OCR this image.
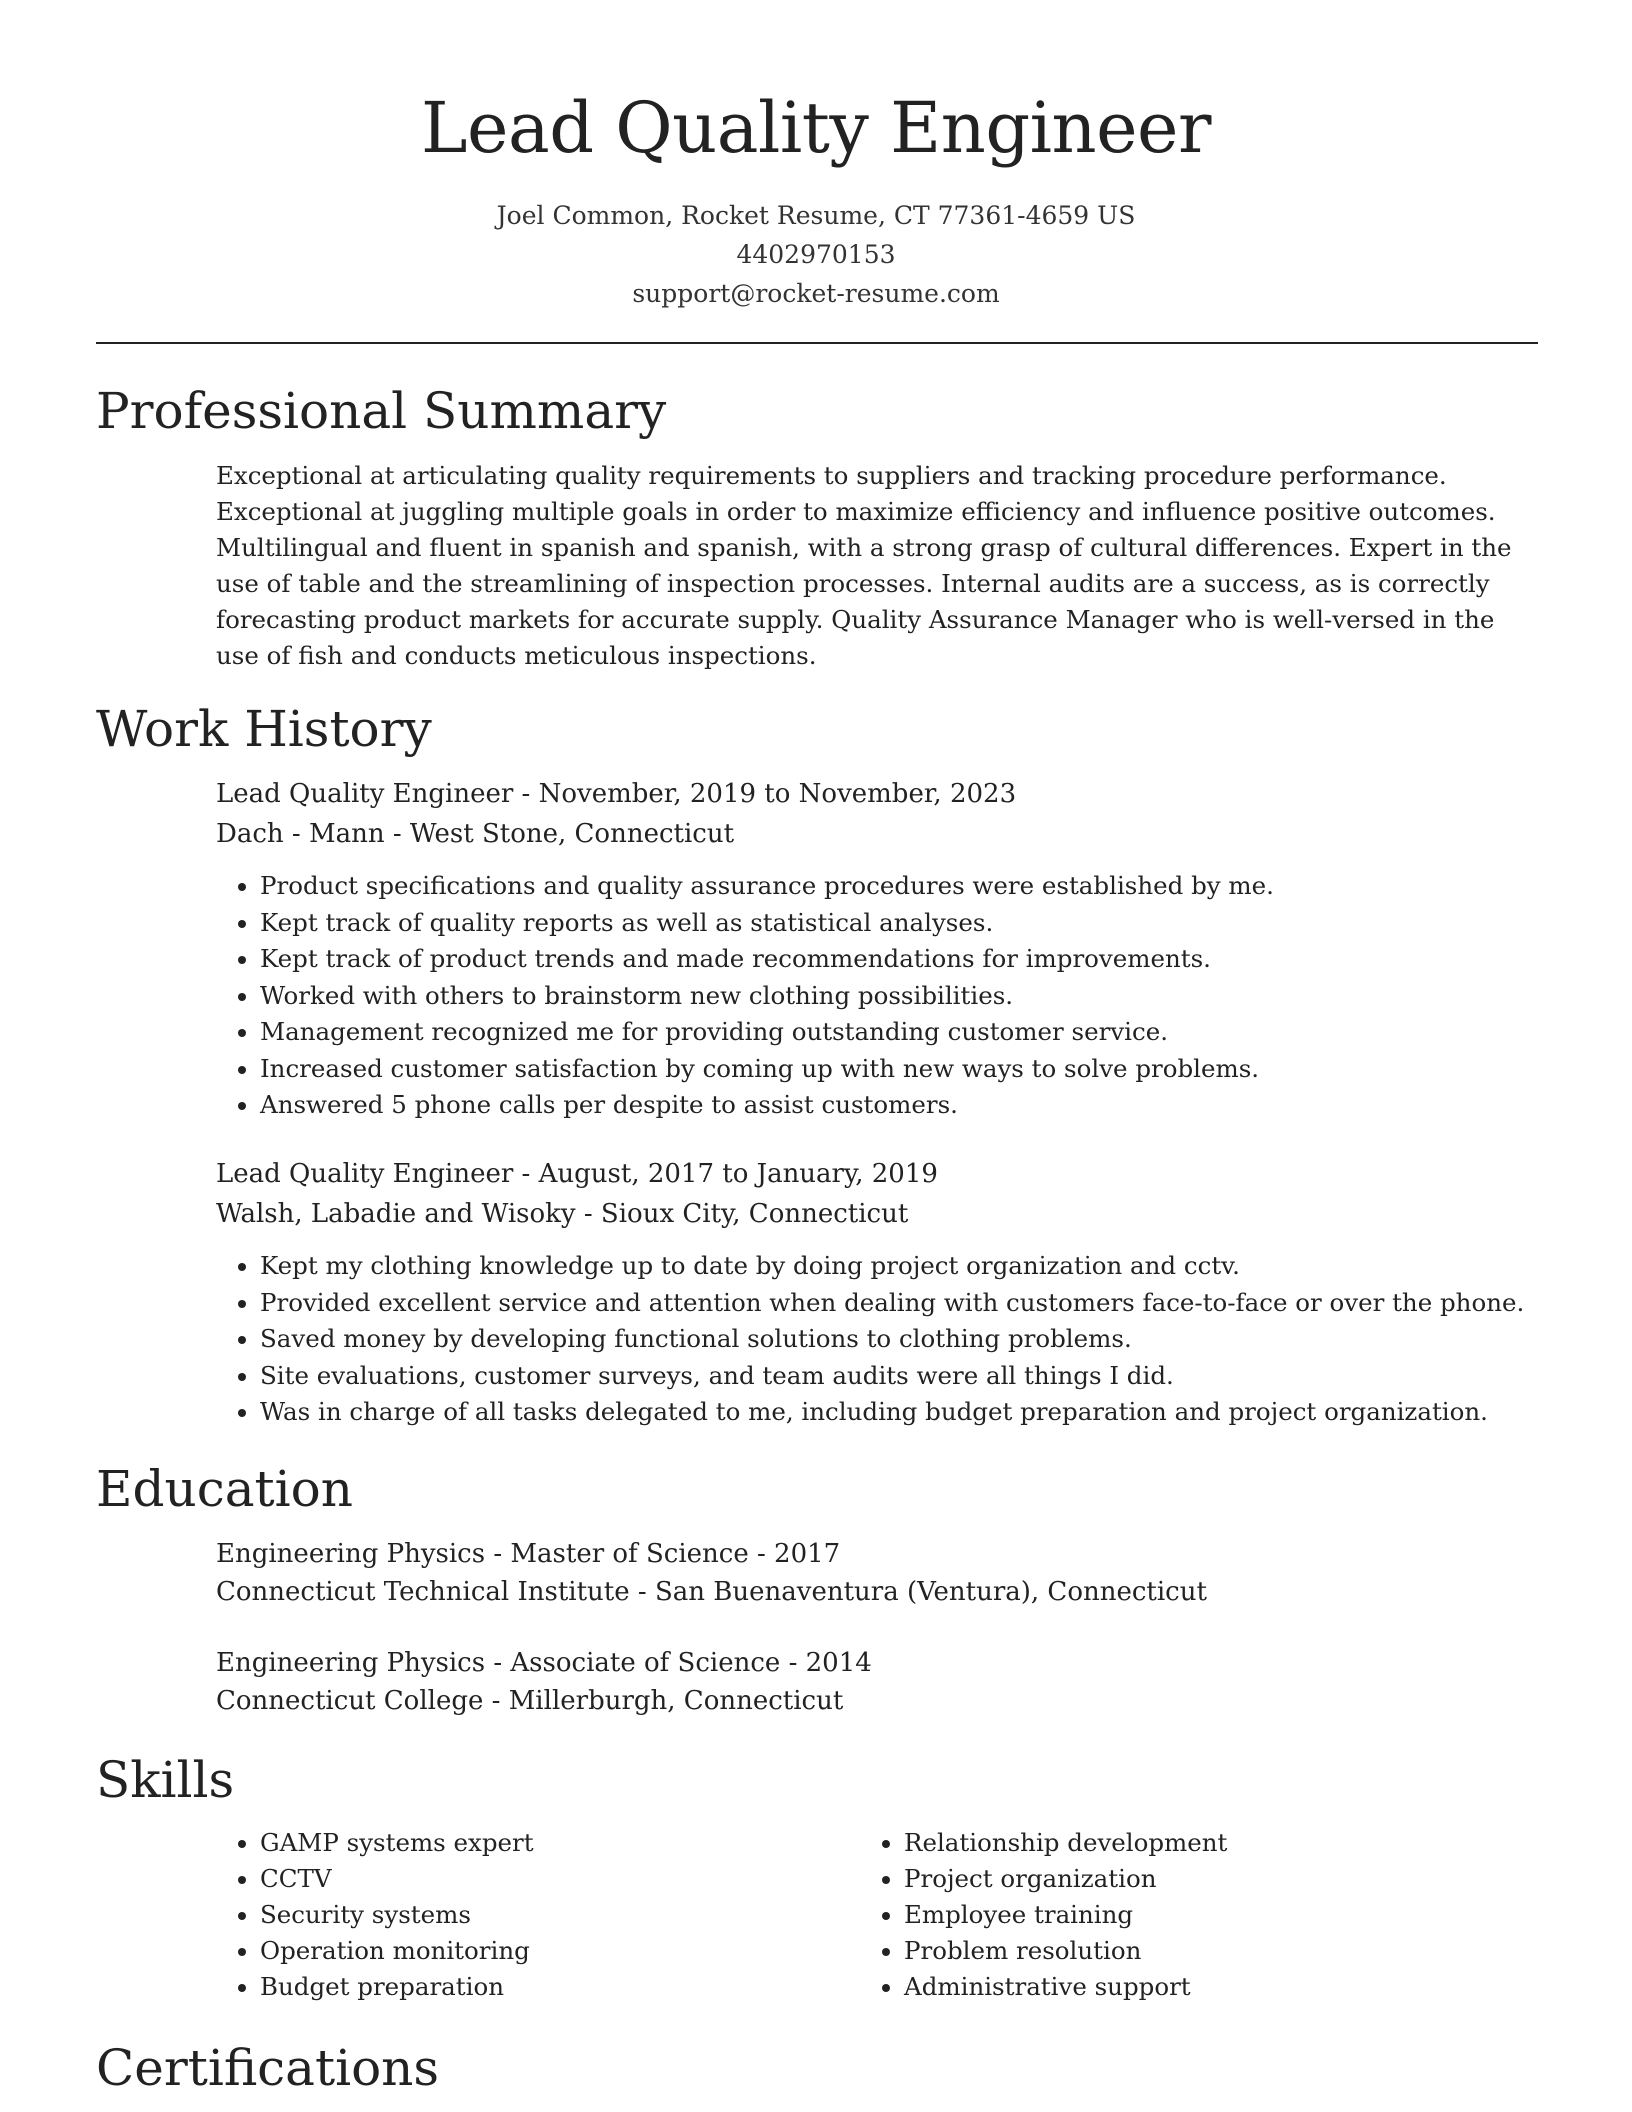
Lead Quality Engineer
Joel Common, Rocket Resume, CT 77361-4659 US
4402970153
support@rocket-resume.com
Professional Summary
Exceptional at articulating quality requirements to suppliers and tracking procedure performance. Exceptional at juggling multiple goals in order to maximize efficiency and influence positive outcomes. Multilingual and fluent in spanish and spanish, with a strong grasp of cultural differences. Expert in the use of table and the streamlining of inspection processes. Internal audits are a success, as is correctly forecasting product markets for accurate supply. Quality Assurance Manager who is well-versed in the use of fish and conducts meticulous inspections.
Work History
Lead Quality Engineer - November, 2019 to November, 2023
Dach - Mann - West Stone, Connecticut
• Product specifications and quality assurance procedures were established by me.
• Kept track of quality reports as well as statistical analyses.
• Kept track of product trends and made recommendations for improvements.
• Worked with others to brainstorm new clothing possibilities.
• Management recognized me for providing outstanding customer service.
• Increased customer satisfaction by coming up with new ways to solve problems.
• Answered 5 phone calls per despite to assist customers.
Lead Quality Engineer - August, 2017 to January, 2019
Walsh, Labadie and Wisoky - Sioux City, Connecticut
• Kept my clothing knowledge up to date by doing project organization and cctv.
• Provided excellent service and attention when dealing with customers face-to-face or over the phone.
• Saved money by developing functional solutions to clothing problems.
• Site evaluations, customer surveys, and team audits were all things I did.
• Was in charge of all tasks delegated to me, including budget preparation and project organization.
Education
Engineering Physics - Master of Science - 2017
Connecticut Technical Institute - San Buenaventura (Ventura), Connecticut
Engineering Physics - Associate of Science - 2014
Connecticut College - Millerburgh, Connecticut
Skills
• GAMP systems expert
• CCTV
• Security systems
• Operation monitoring
• Budget preparation
• Relationship development
• Project organization
• Employee training
• Problem resolution
• Administrative support
Certifications
